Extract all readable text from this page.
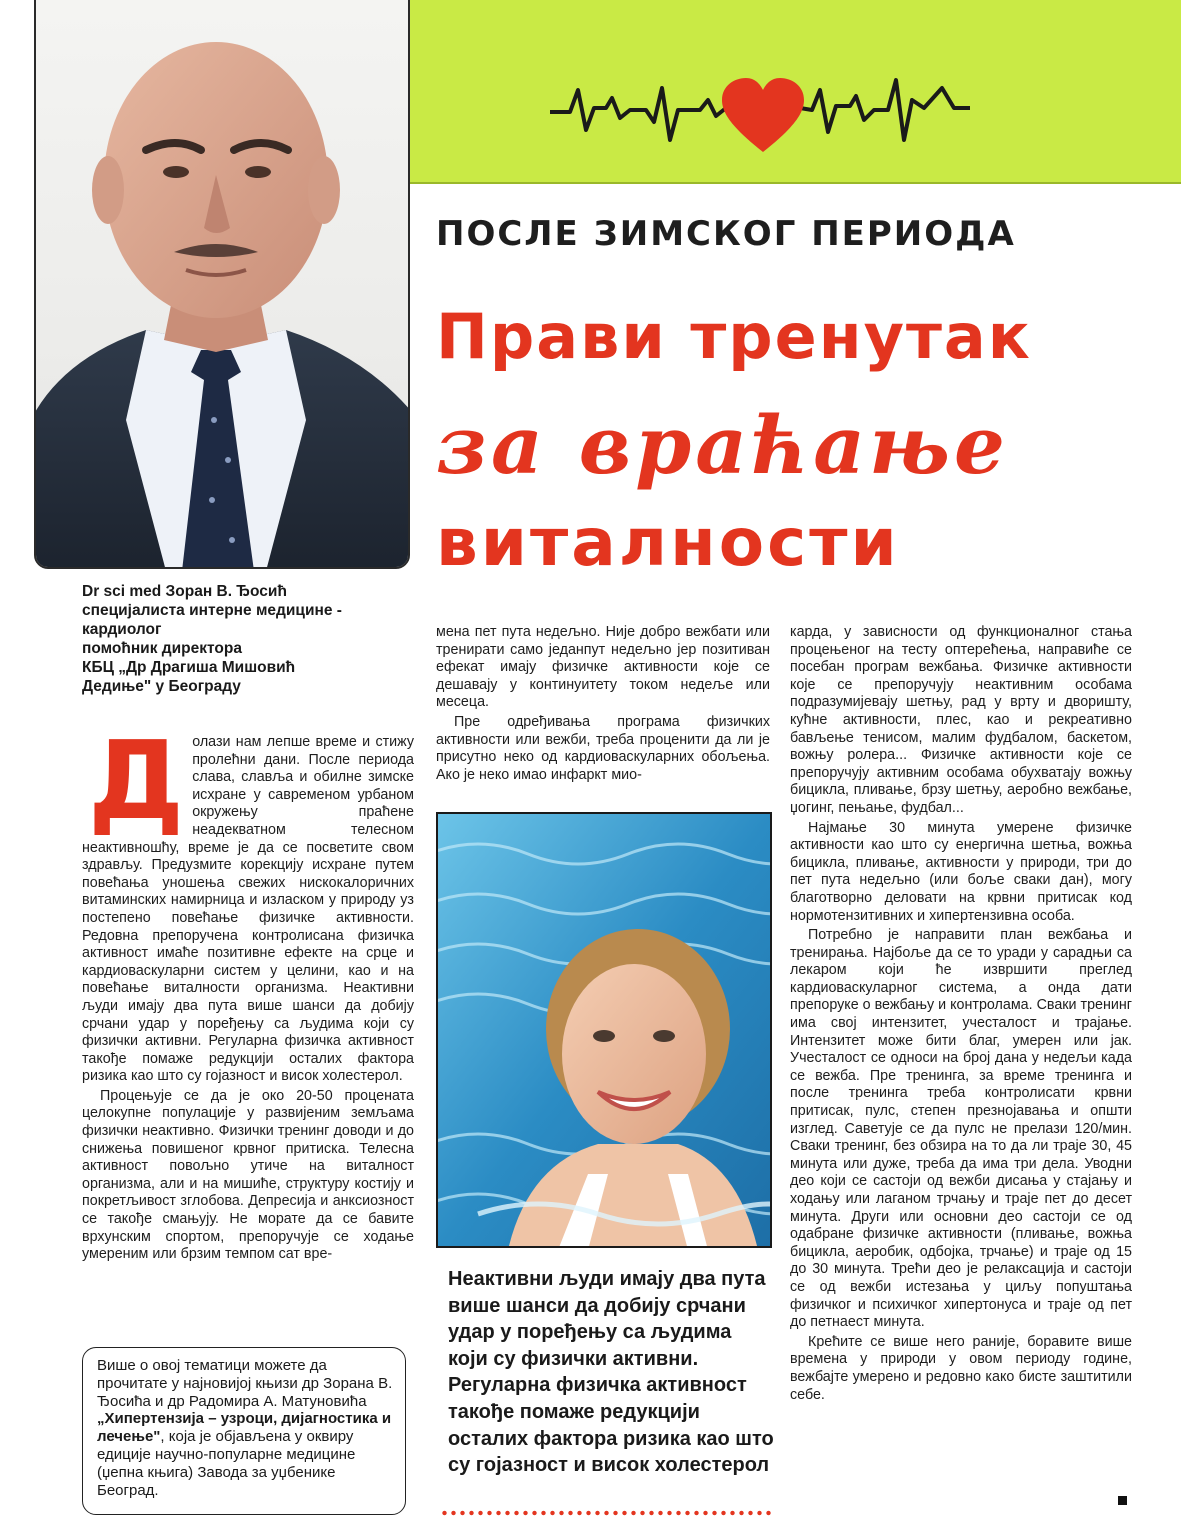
ПОСЛЕ ЗИМСКОГ ПЕРИОДА
Прави тренутак
за враћање
виталности
Dr sci med Зоран В. Ђосић
специјалиста интерне медицине -
кардиолог
помоћник директора
КБЦ „Др Драгиша Мишовић
Дедиње" у Београду
Д олази нам лепше време и стижу пролећни дани. После периода слава, славља и обилне зимске исхране у савременом урбаном окружењу праћене неадекватном телесном неактивношћу, време је да се посветите свом здрављу. Предузмите корекцију исхране путем повећања уношења свежих нискокалоричних витаминских намирница и изласком у природу уз постепено повећање физичке активности. Редовна препоручена контролисана физичка активност имаће позитивне ефекте на срце и кардиоваскуларни систем у целини, као и на повећање виталности организма. Неактивни људи имају два пута више шанси да добију срчани удар у поређењу са људима који су физички активни. Регуларна физичка активност такође помаже редукцији осталих фактора ризика као што су гојазност и висок холестерол.

Процењује се да је око 20-50 процената целокупне популације у развијеним земљама физички неактивно. Физички тренинг доводи и до снижења повишеног крвног притиска. Телесна активност повољно утиче на виталност организма, али и на мишиће, структуру костију и покретљивост зглобова. Депресија и анксиозност се такође смањују. Не морате да се бавите врхунским спортом, препоручује се ходање умереним или брзим темпом сат вре-

мена пет пута недељно. Није добро вежбати или тренирати само једанпут недељно јер позитиван ефекат имају физичке активности које се дешавају у континуитету током недеље или месеца.

Пре одређивања програма физичких активности или вежби, треба проценити да ли је присутно неко од кардиоваскуларних обољења. Ако је неко имао инфаркт мио-

Неактивни људи имају два пута више шанси да добију срчани удар у поређењу са људима који су физички активни. Регуларна физичка активност такође помаже редукцији осталих фактора ризика као што су гојазност и висок холестерол
Више о овој тематици можете да прочитате у најновијој књизи др Зорана В. Ђосића и др Радомира А. Матуновића „Хипертензија – узроци, дијагностика и лечење", која је објављена у оквиру едиције научно-популарне медицине (џепна књига) Завода за уџбенике Београд.

карда, у зависности од функционалног стања процењеног на тесту оптерећења, направиће се посебан програм вежбања. Физичке активности које се препоручују неактивним особама подразумијевају шетњу, рад у врту и дворишту, кућне активности, плес, као и рекреативно бављење тенисом, малим фудбалом, баскетом, вожњу ролера... Физичке активности које се препоручују активним особама обухватају вожњу бицикла, пливање, брзу шетњу, аеробно вежбање, џогинг, пењање, фудбал...

Најмање 30 минута умерене физичке активности као што су енергична шетња, вожња бицикла, пливање, активности у природи, три до пет пута недељно (или боље сваки дан), могу благотворно деловати на крвни притисак код нормотензитивних и хипертензивна особа.

Потребно је направити план вежбања и тренирања. Најбоље да се то уради у сарадњи са лекаром који ће извршити преглед кардиоваскуларног система, а онда дати препоруке о вежбању и контролама. Сваки тренинг има свој интензитет, учесталост и трајање. Интензитет може бити благ, умерен или јак. Учесталост се односи на број дана у недељи када се вежба. Пре тренинга, за време тренинга и после тренинга треба контролисати крвни притисак, пулс, степен презнојавања и општи изглед. Саветује се да пулс не прелази 120/мин. Сваки тренинг, без обзира на то да ли траје 30, 45 минута или дуже, треба да има три дела. Уводни део који се састоји од вежби дисања у стајању и ходању или лаганом трчању и траје пет до десет минута. Други или основни део састоји се од одабране физичке активности (пливање, вожња бицикла, аеробик, одбојка, трчање) и траје од 15 до 30 минута. Трећи део је релаксација и састоји се од вежби истезања у циљу попуштања физичког и психичког хипертонуса и траје од пет до петнаест минута.

Крећите се више него раније, боравите више времена у природи у овом периоду године, вежбајте умерено и редовно како бисте заштитили себе.
